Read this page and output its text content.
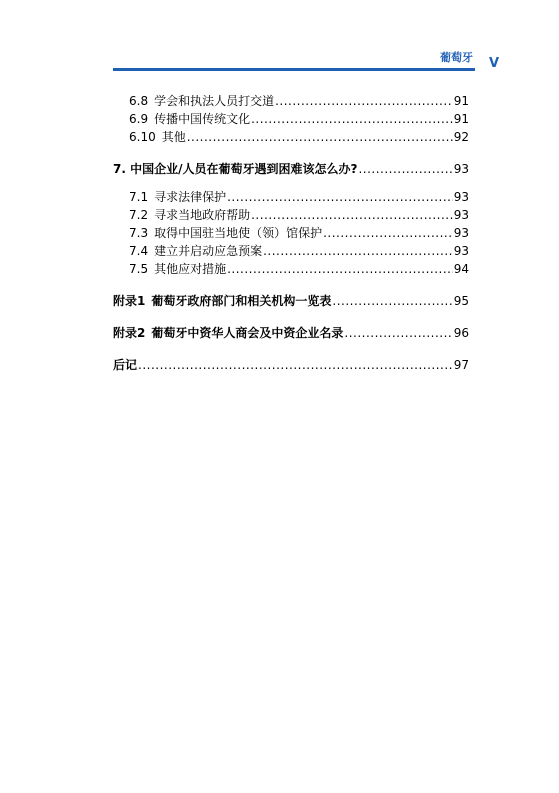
葡萄牙 V
6.8 学会和执法人员打交道 .....	91
6.9 传播中国传统文化 .....	91
6.10 其他 .....	92
7. 中国企业/人员在葡萄牙遇到困难该怎么办? .....	93
7.1 寻求法律保护 .....	93
7.2 寻求当地政府帮助 .....	93
7.3 取得中国驻当地使（领）馆保护 .....	93
7.4 建立并启动应急预案 .....	93
7.5 其他应对措施 .....	94
附录1 葡萄牙政府部门和相关机构一览表 .....	95
附录2 葡萄牙中资华人商会及中资企业名录 .....	96
后记 .....	97
